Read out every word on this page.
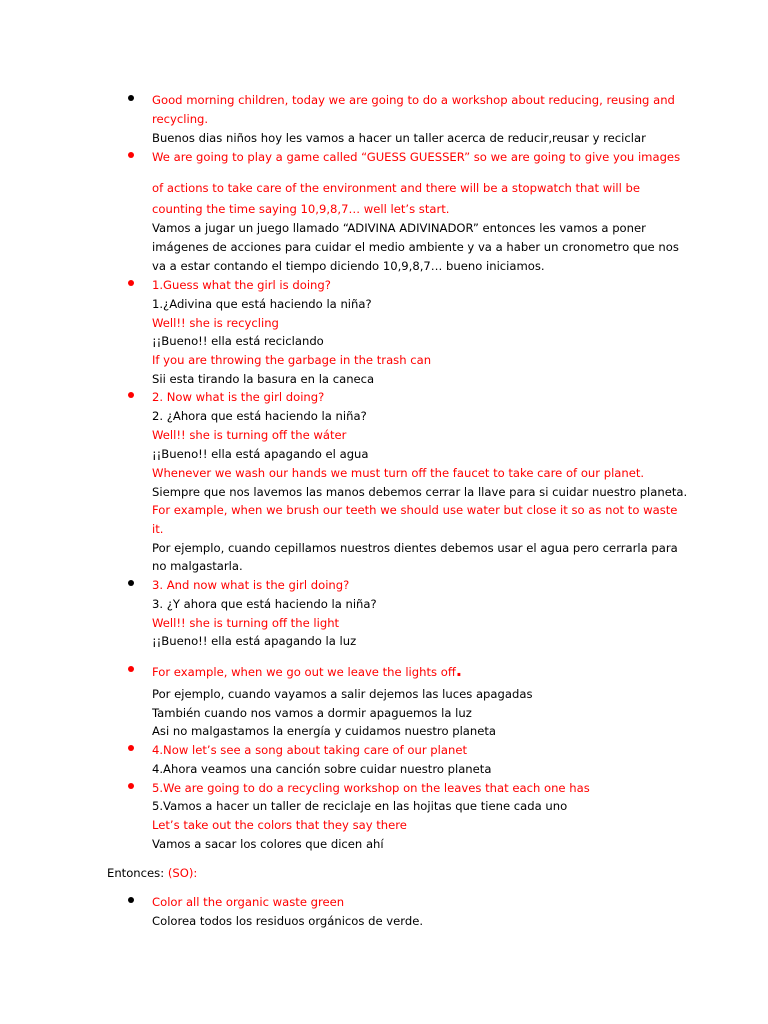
Good morning children, today we are going to do a workshop about reducing, reusing and
recycling.
Buenos dias niños hoy les vamos a hacer un taller acerca de reducir,reusar y reciclar
We are going to play a game called “GUESS GUESSER” so we are going to give you images
of actions to take care of the environment and there will be a stopwatch that will be
counting the time saying 10,9,8,7… well let’s start.
Vamos a jugar un juego llamado “ADIVINA ADIVINADOR” entonces les vamos a poner
imágenes de acciones para cuidar el medio ambiente y va a haber un cronometro que nos
va a estar contando el tiempo diciendo 10,9,8,7… bueno iniciamos.
1.Guess what the girl is doing?
1.¿Adivina que está haciendo la niña?
Well!! she is recycling
¡¡Bueno!! ella está reciclando
If you are throwing the garbage in the trash can
Sii esta tirando la basura en la caneca
2. Now what is the girl doing?
2. ¿Ahora que está haciendo la niña?
Well!! she is turning off the wáter
¡¡Bueno!! ella está apagando el agua
Whenever we wash our hands we must turn off the faucet to take care of our planet.
Siempre que nos lavemos las manos debemos cerrar la llave para si cuidar nuestro planeta.
For example, when we brush our teeth we should use water but close it so as not to waste
it.
Por ejemplo, cuando cepillamos nuestros dientes debemos usar el agua pero cerrarla para
no malgastarla.
3. And now what is the girl doing?
3. ¿Y ahora que está haciendo la niña?
Well!! she is turning off the light
¡¡Bueno!! ella está apagando la luz
For example, when we go out we leave the lights off.
Por ejemplo, cuando vayamos a salir dejemos las luces apagadas
También cuando nos vamos a dormir apaguemos la luz
Asi no malgastamos la energía y cuidamos nuestro planeta
4.Now let’s see a song about taking care of our planet
4.Ahora veamos una canción sobre cuidar nuestro planeta
5.We are going to do a recycling workshop on the leaves that each one has
5.Vamos a hacer un taller de reciclaje en las hojitas que tiene cada uno
Let’s take out the colors that they say there
Vamos a sacar los colores que dicen ahí
Entonces: (SO):
Color all the organic waste green
Colorea todos los residuos orgánicos de verde.
